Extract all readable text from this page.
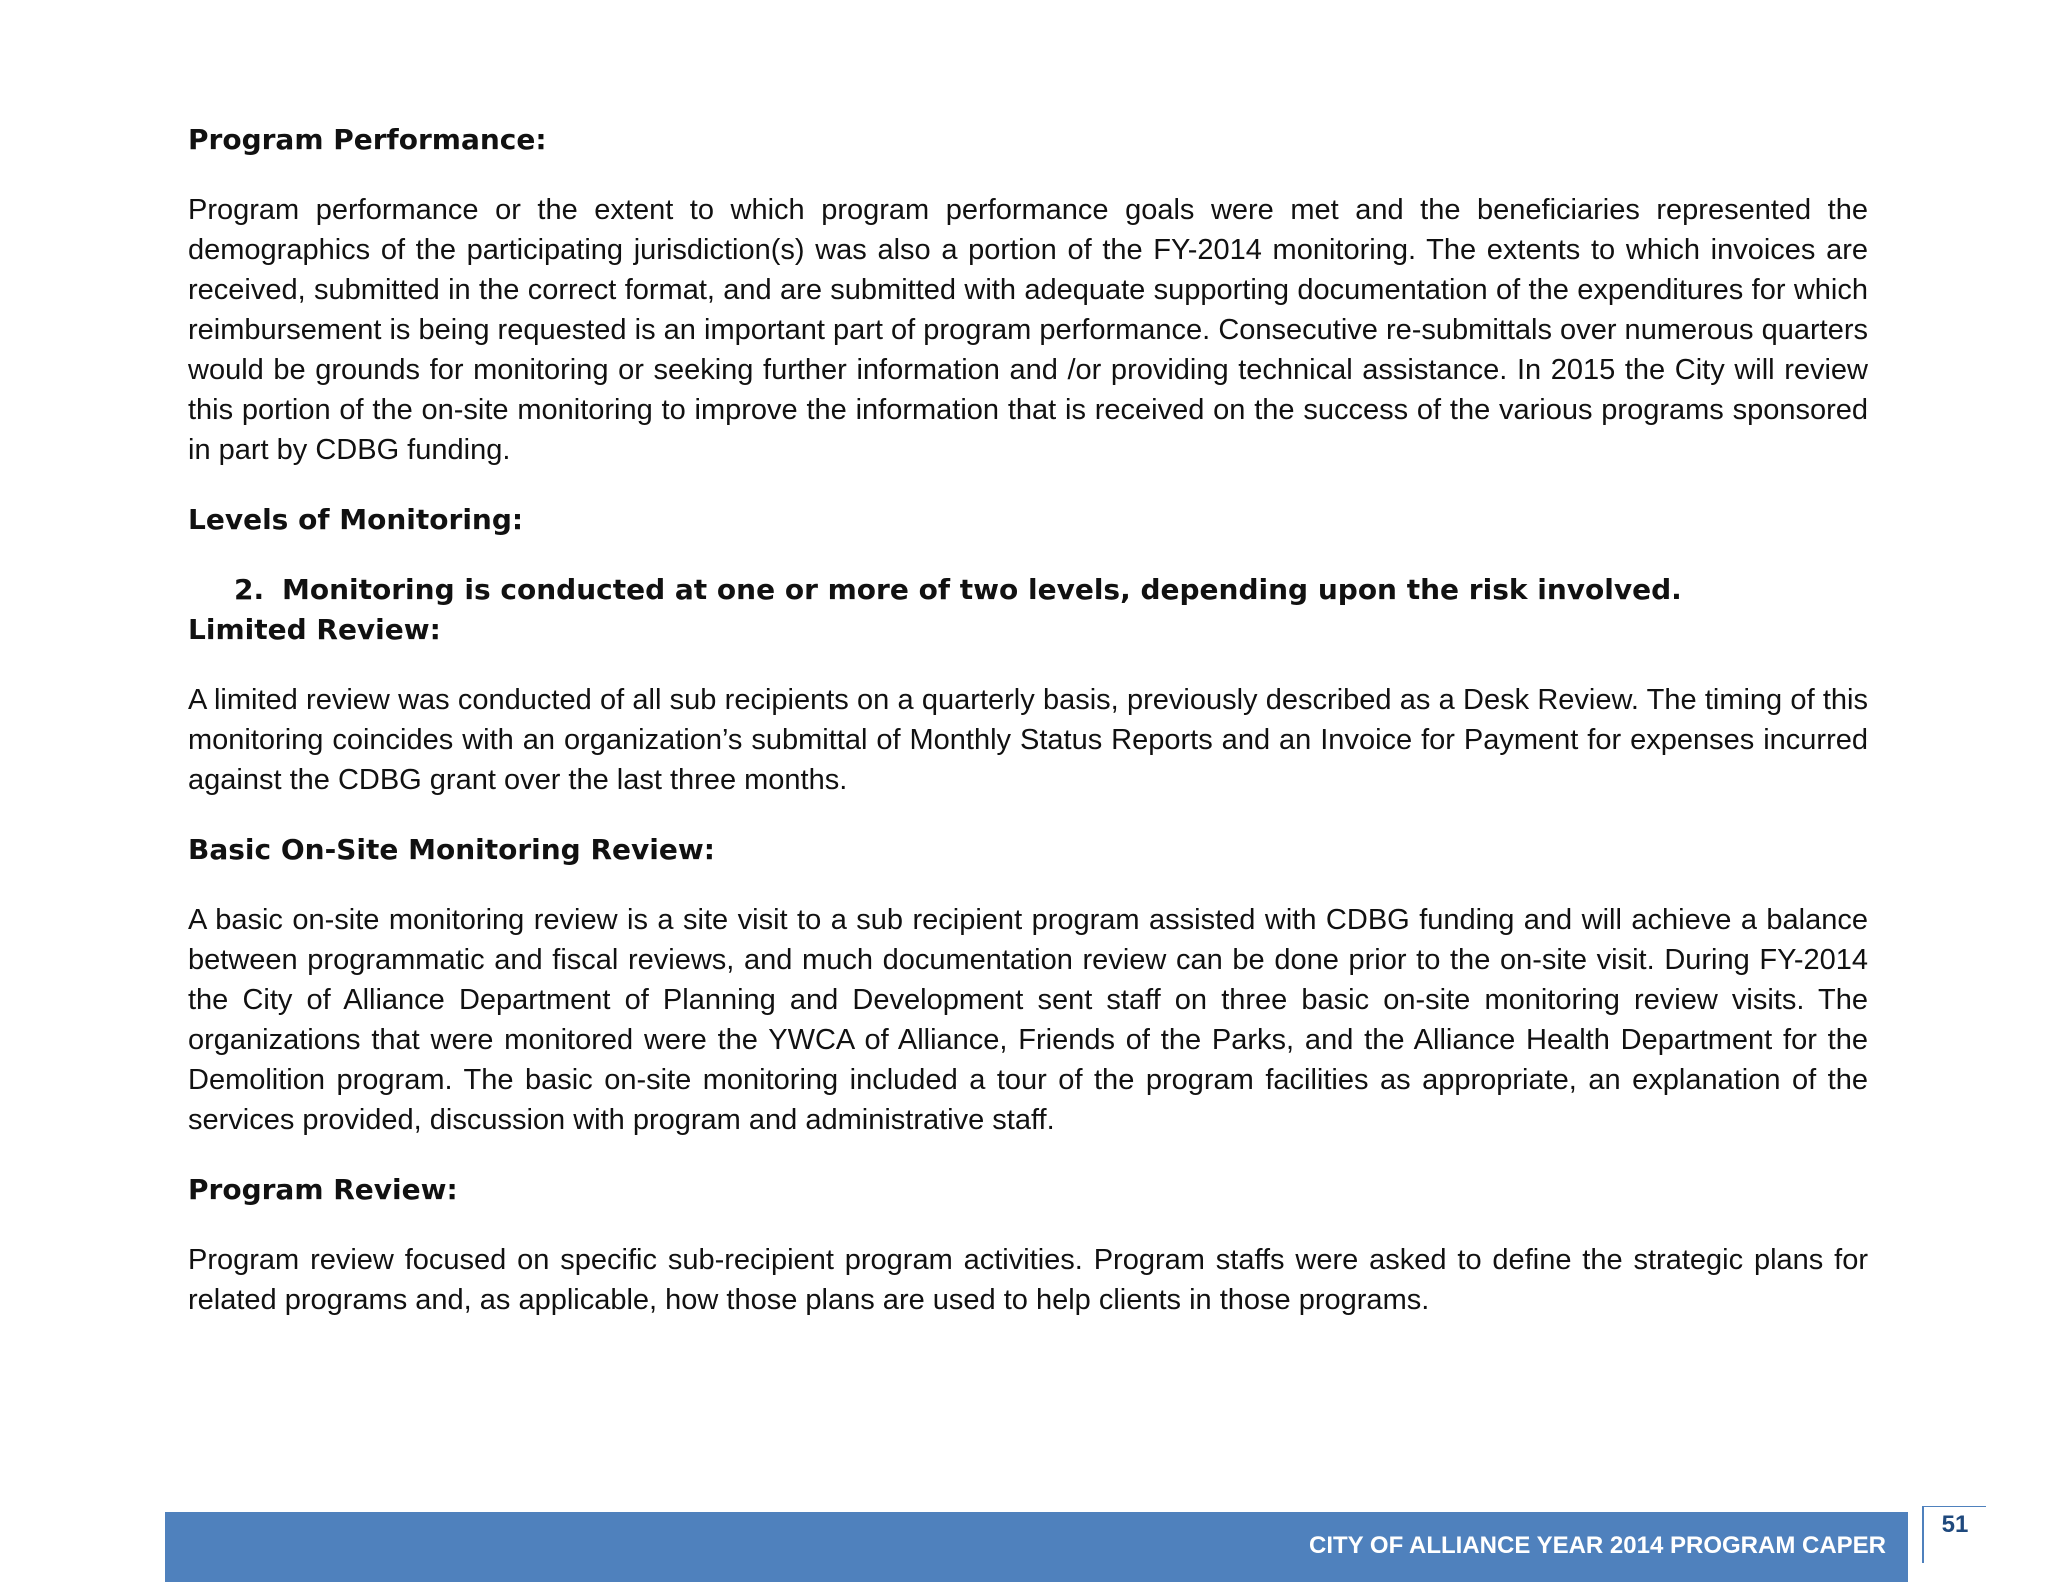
Program Performance:
Program performance or the extent to which program performance goals were met and the beneficiaries represented the demographics of the participating jurisdiction(s) was also a portion of the FY-2014 monitoring. The extents to which invoices are received, submitted in the correct format, and are submitted with adequate supporting documentation of the expenditures for which reimbursement is being requested is an important part of program performance. Consecutive re-submittals over numerous quarters would be grounds for monitoring or seeking further information and /or providing technical assistance. In 2015 the City will review this portion of the on-site monitoring to improve the information that is received on the success of the various programs sponsored in part by CDBG funding.
Levels of Monitoring:
2. Monitoring is conducted at one or more of two levels, depending upon the risk involved.
Limited Review:
A limited review was conducted of all sub recipients on a quarterly basis, previously described as a Desk Review. The timing of this monitoring coincides with an organization’s submittal of Monthly Status Reports and an Invoice for Payment for expenses incurred against the CDBG grant over the last three months.
Basic On-Site Monitoring Review:
A basic on-site monitoring review is a site visit to a sub recipient program assisted with CDBG funding and will achieve a balance between programmatic and fiscal reviews, and much documentation review can be done prior to the on-site visit. During FY-2014 the City of Alliance Department of Planning and Development sent staff on three basic on-site monitoring review visits. The organizations that were monitored were the YWCA of Alliance, Friends of the Parks, and the Alliance Health Department for the Demolition program. The basic on-site monitoring included a tour of the program facilities as appropriate, an explanation of the services provided, discussion with program and administrative staff.
Program Review:
Program review focused on specific sub-recipient program activities. Program staffs were asked to define the strategic plans for related programs and, as applicable, how those plans are used to help clients in those programs.
CITY OF ALLIANCE YEAR 2014 PROGRAM CAPER
51
